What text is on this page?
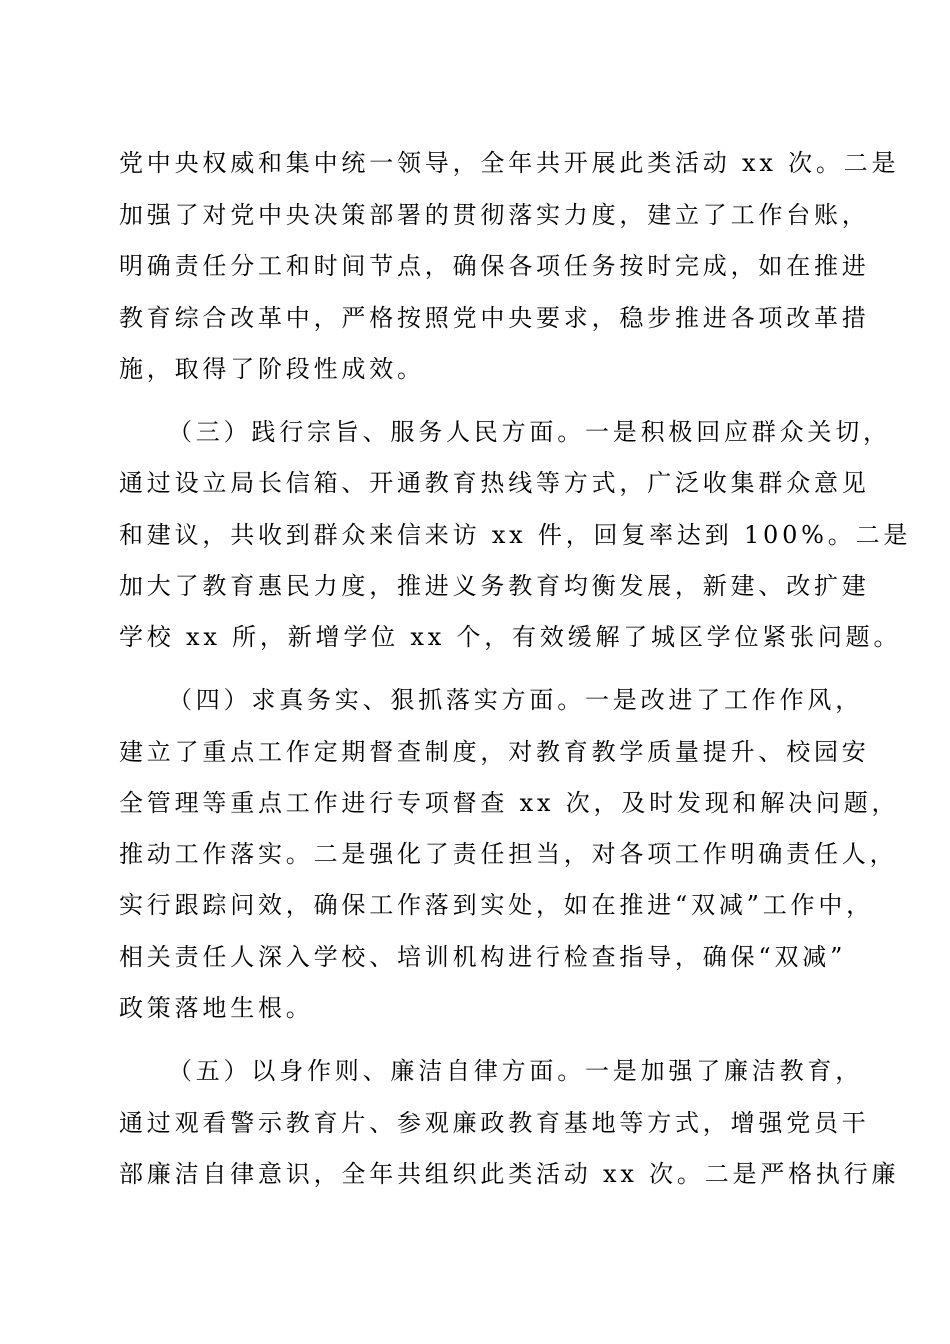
党中央权威和集中统一领导，全年共开展此类活动 xx 次。二是
加强了对党中央决策部署的贯彻落实力度，建立了工作台账，
明确责任分工和时间节点，确保各项任务按时完成，如在推进
教育综合改革中，严格按照党中央要求，稳步推进各项改革措
施，取得了阶段性成效。
（三）践行宗旨、服务人民方面。一是积极回应群众关切，
通过设立局长信箱、开通教育热线等方式，广泛收集群众意见
和建议，共收到群众来信来访 xx 件，回复率达到 100%。二是
加大了教育惠民力度，推进义务教育均衡发展，新建、改扩建
学校 xx 所，新增学位 xx 个，有效缓解了城区学位紧张问题。
（四）求真务实、狠抓落实方面。一是改进了工作作风，
建立了重点工作定期督查制度，对教育教学质量提升、校园安
全管理等重点工作进行专项督查 xx 次，及时发现和解决问题，
推动工作落实。二是强化了责任担当，对各项工作明确责任人，
实行跟踪问效，确保工作落到实处，如在推进“双减”工作中，
相关责任人深入学校、培训机构进行检查指导，确保“双减”
政策落地生根。
（五）以身作则、廉洁自律方面。一是加强了廉洁教育，
通过观看警示教育片、参观廉政教育基地等方式，增强党员干
部廉洁自律意识，全年共组织此类活动 xx 次。二是严格执行廉
